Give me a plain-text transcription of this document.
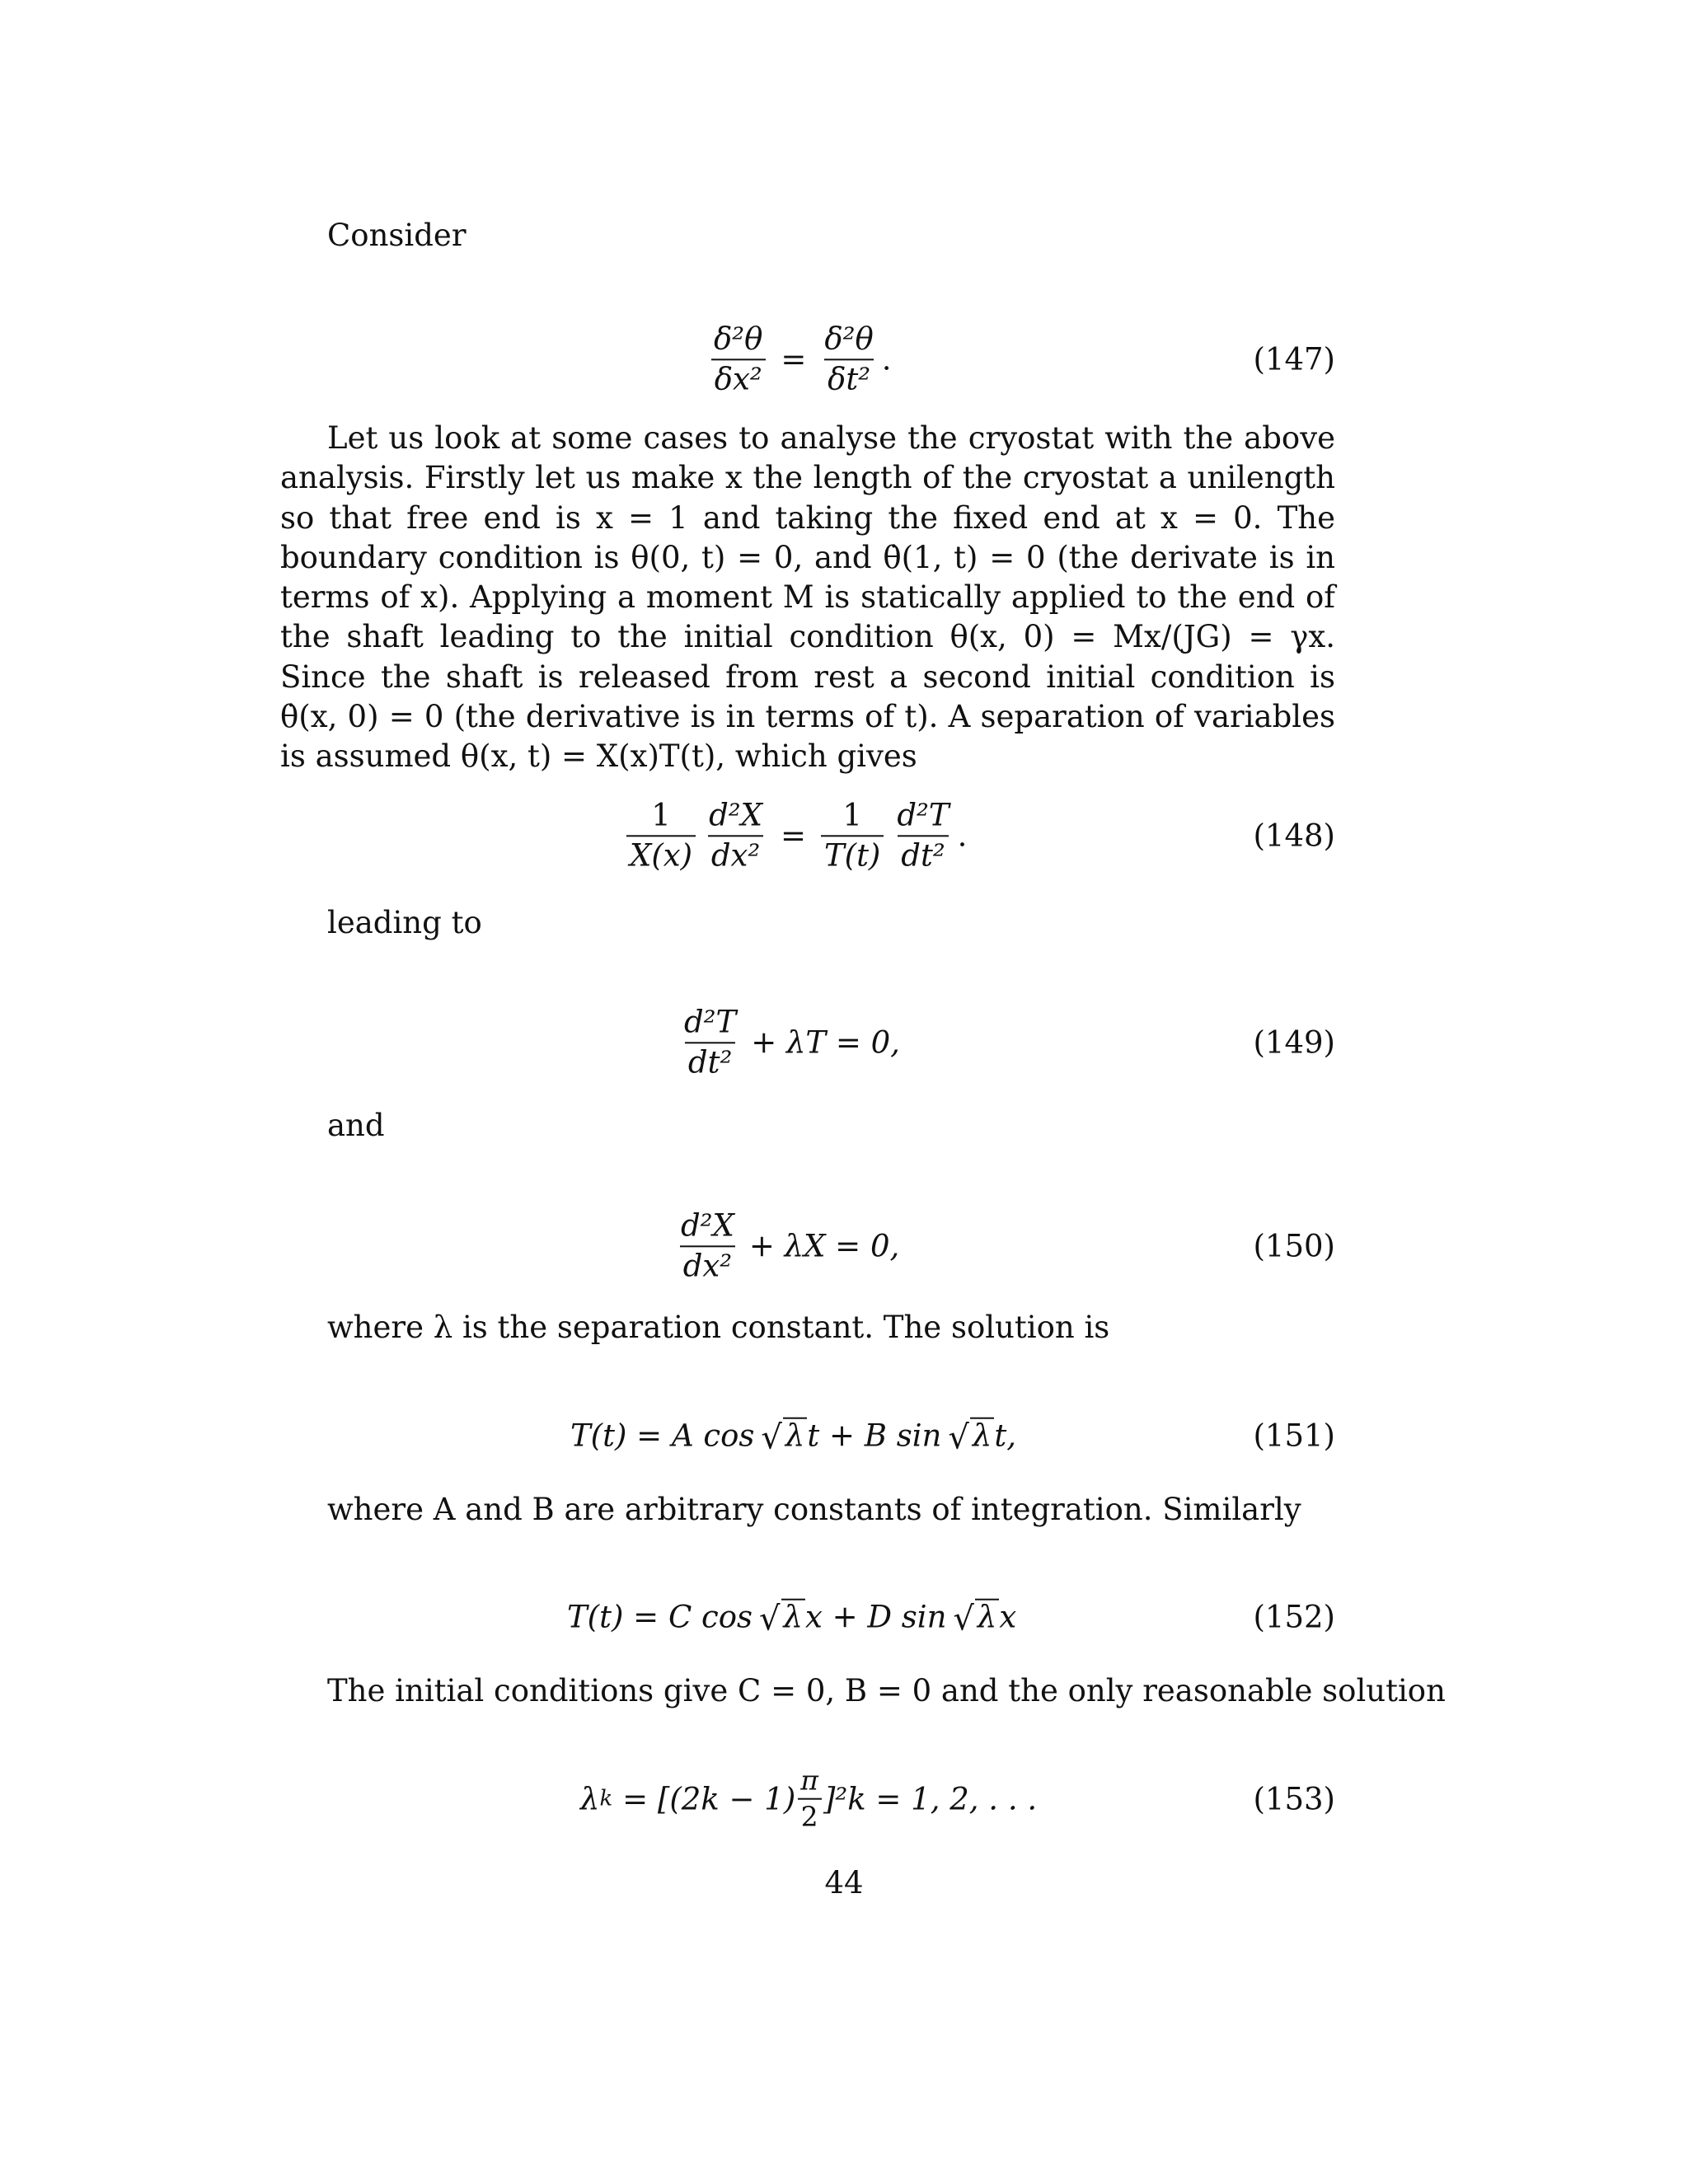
Consider

$\frac{\text{δ²θ}}{\text{δx²}} = \frac{\text{δ²θ}}{\text{δt²}}$ .	(147)

Let us look at some cases to analyse the cryostat with the above analysis. Firstly let us make x the length of the cryostat a unilength so that free end is x = 1 and taking the fixed end at x = 0. The boundary condition is θ(0, t) = 0, and θ̇(1, t) = 0 (the derivate is in terms of x). Applying a moment M is statically applied to the end of the shaft leading to the initial condition θ(x, 0) = Mx/(JG) = γx. Since the shaft is released from rest a second initial condition is θ̇(x, 0) = 0 (the derivative is in terms of t). A separation of variables is assumed θ(x, t) = X(x)T(t), which gives

$\frac{1}{X(x)} \frac{\text{d²X}}{\text{dx²}} = \frac{1}{T(t)} \frac{\text{d²T}}{\text{dt²}}$ .	(148)

leading to

$\frac{\text{d²T}}{\text{dt²}} + \lambda T = 0$,	(149)

and

$\frac{\text{d²X}}{\text{dx²}} + \lambda X = 0$,	(150)

where λ is the separation constant. The solution is

T(t) = A cos √ λ t + B sin √ λ t,	(151)

where A and B are arbitrary constants of integration. Similarly

T(t) = C cos √ λ x + D sin √ λ x	(152)

The initial conditions give C = 0, B = 0 and the only reasonable solution

λ $k = [(2k - 1) \frac{\pi}{2} ]^2k = 1$, 2, . . .	(153)
44
